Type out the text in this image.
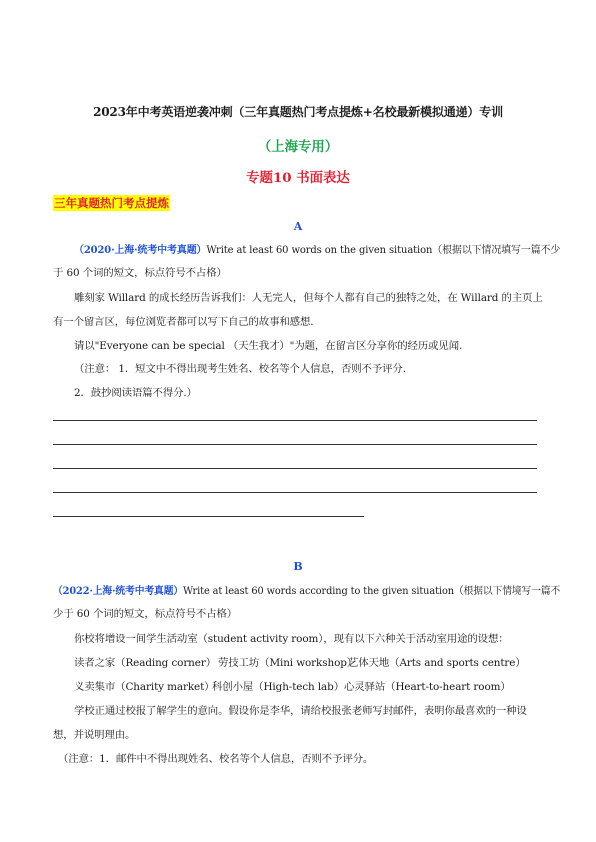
2023年中考英语逆袭冲刺（三年真题热门考点提炼+名校最新模拟通递）专训
（上海专用）
专题10 书面表达
三年真题热门考点提炼
A
（2020·上海·统考中考真题）Write at least 60 words on the given situation（根据以下情况填写一篇不少
于 60 个词的短文，标点符号不占格）
雕刻家 Willard 的成长经历告诉我们：人无完人，但每个人都有自己的独特之处，在 Willard 的主页上
有一个留言区，每位浏览者都可以写下自己的故事和感想.
请以"Everyone can be special （天生我才）"为题，在留言区分享你的经历或见闻.
（注意： 1．短文中不得出现考生姓名、校名等个人信息，否则不予评分.
2．鼓抄阅读语篇不得分.）
B
（2022·上海·统考中考真题）Write at least 60 words according to the given situation（根据以下情境写一篇不
少于 60 个词的短文，标点符号不占格）
你校将增设一间学生活动室（student activity room），现有以下六种关于活动室用途的设想：
读者之家（Reading corner） 劳技工坊（Mini workshop）
艺体天地（Arts and sports centre）
义卖集市（Charity market）
科创小屋（High-tech lab） 心灵驿站（Heart-to-heart room）
学校正通过校报了解学生的意向。假设你是李华，请给校报张老师写封邮件，表明你最喜欢的一种设
想，并说明理由。
（注意：1．邮件中不得出现姓名、校名等个人信息，否则不予评分。
